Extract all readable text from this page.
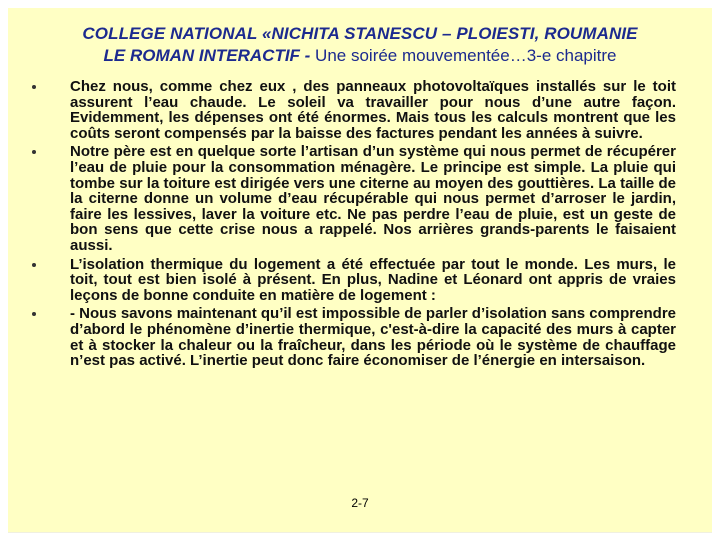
COLLEGE NATIONAL «NICHITA STANESCU – PLOIESTI, ROUMANIE
LE ROMAN INTERACTIF - Une soirée mouvementée…3-e chapitre
Chez nous, comme chez eux , des panneaux photovoltaïques installés sur le toit assurent l’eau chaude. Le soleil va travailler pour nous d’une autre façon. Evidemment, les dépenses ont été énormes. Mais tous les calculs montrent que les coûts seront compensés par la baisse des factures pendant les années à suivre.
Notre père est en quelque sorte l’artisan d’un système qui nous permet de récupérer l’eau de pluie pour la consommation ménagère. Le principe est simple. La pluie qui tombe sur la toiture est dirigée vers une citerne au moyen des gouttières. La taille de la citerne donne un volume d’eau récupérable qui nous permet d’arroser le jardin, faire les lessives, laver la voiture etc. Ne pas perdre l’eau de pluie, est un geste de bon sens que cette crise nous a rappelé. Nos arrières grands-parents le faisaient aussi.
L’isolation thermique du logement a été effectuée par tout le monde. Les murs, le toit, tout est bien isolé à présent. En plus, Nadine et Léonard ont appris de vraies leçons de bonne conduite en matière de logement :
- Nous savons maintenant qu’il est impossible de parler d’isolation sans comprendre d’abord le phénomène d’inertie thermique, c'est-à-dire la capacité des murs à capter et à stocker la chaleur ou la fraîcheur, dans les période où le système de chauffage n’est pas activé. L’inertie peut donc faire économiser de l’énergie en intersaison.
2-7
